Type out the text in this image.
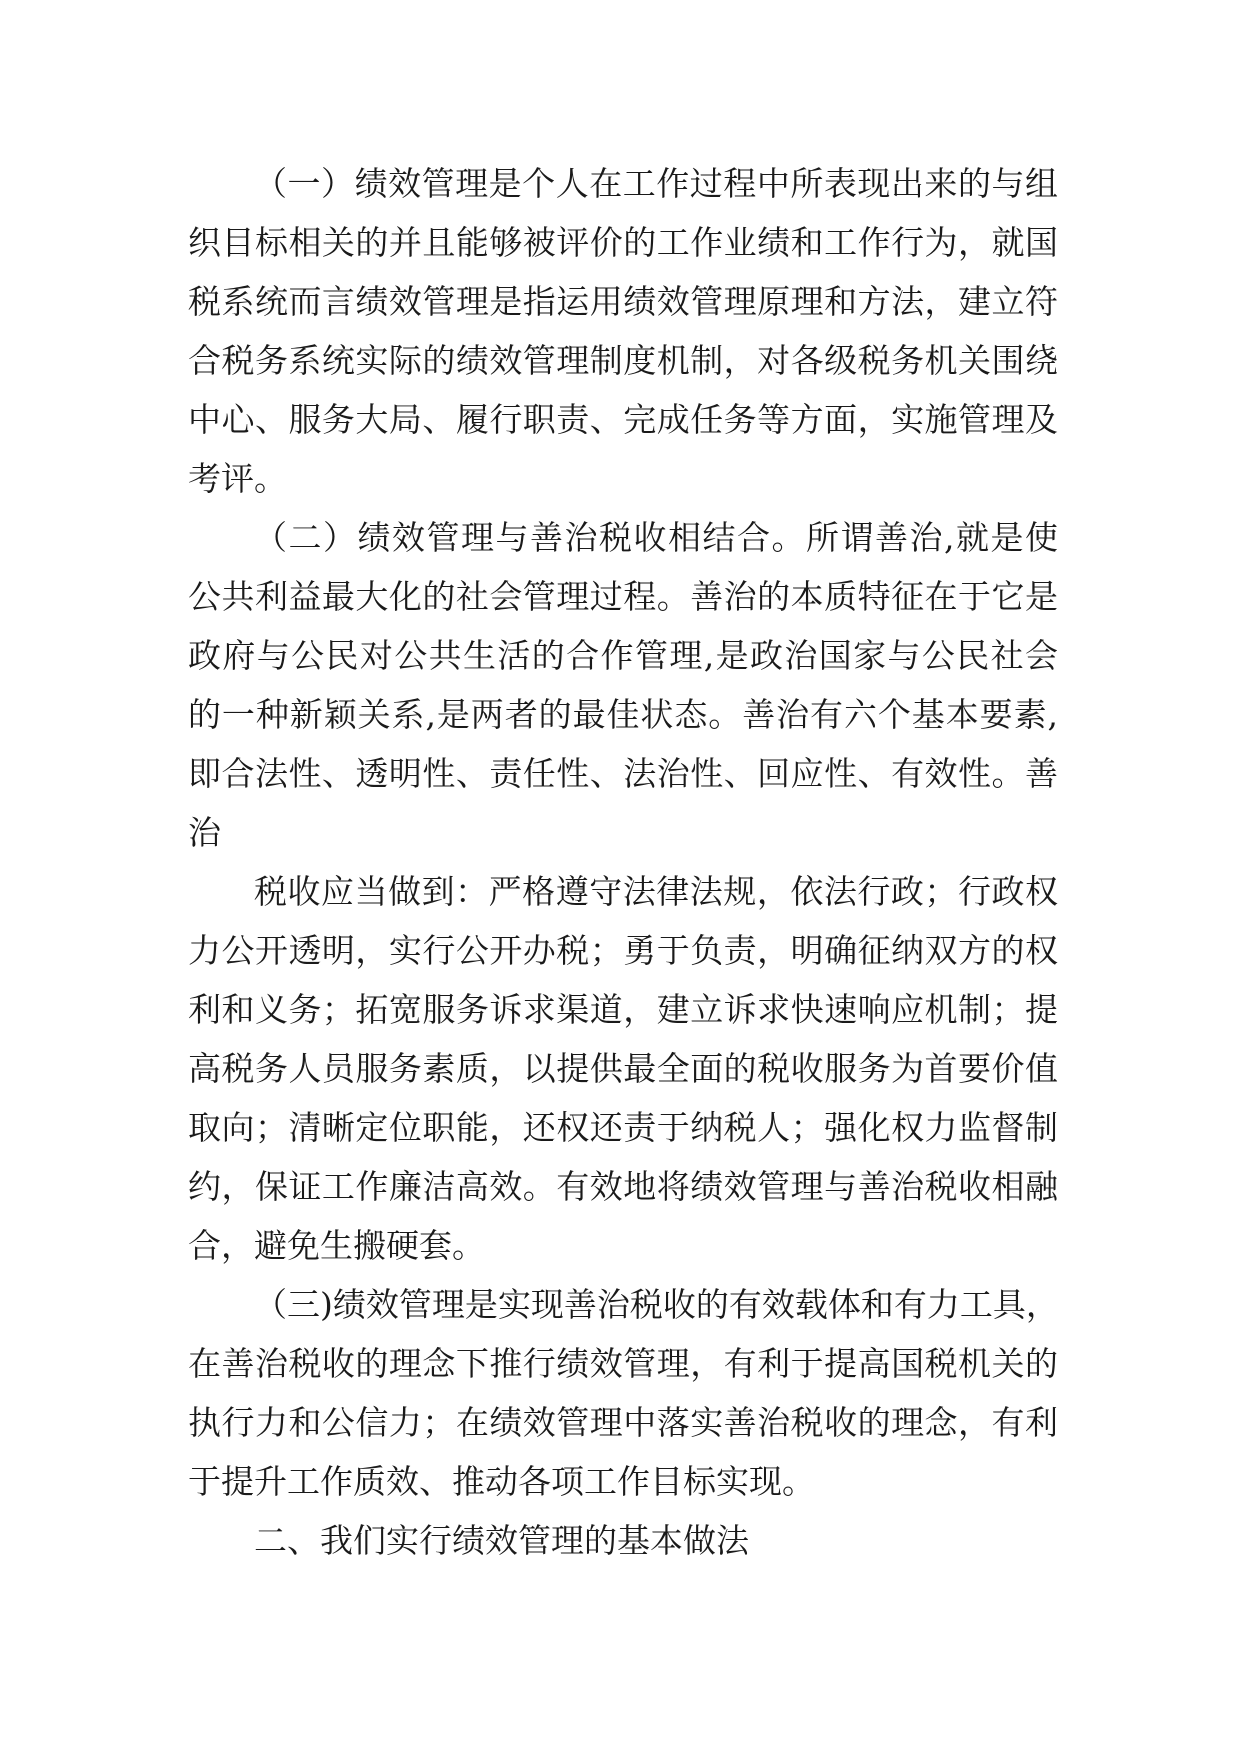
（一）绩效管理是个人在工作过程中所表现出来的与组
织目标相关的并且能够被评价的工作业绩和工作行为，就国
税系统而言绩效管理是指运用绩效管理原理和方法，建立符
合税务系统实际的绩效管理制度机制，对各级税务机关围绕
中心、服务大局、履行职责、完成任务等方面，实施管理及
考评。
（二）绩效管理与善治税收相结合。所谓善治,就是使
公共利益最大化的社会管理过程。善治的本质特征在于它是
政府与公民对公共生活的合作管理,是政治国家与公民社会
的一种新颖关系,是两者的最佳状态。善治有六个基本要素,
即合法性、透明性、责任性、法治性、回应性、有效性。善
治
税收应当做到：严格遵守法律法规，依法行政；行政权
力公开透明，实行公开办税；勇于负责，明确征纳双方的权
利和义务；拓宽服务诉求渠道，建立诉求快速响应机制；提
高税务人员服务素质，以提供最全面的税收服务为首要价值
取向；清晰定位职能，还权还责于纳税人；强化权力监督制
约，保证工作廉洁高效。有效地将绩效管理与善治税收相融
合，避免生搬硬套。
（三)绩效管理是实现善治税收的有效载体和有力工具，
在善治税收的理念下推行绩效管理，有利于提高国税机关的
执行力和公信力；在绩效管理中落实善治税收的理念，有利
于提升工作质效、推动各项工作目标实现。
二、我们实行绩效管理的基本做法
